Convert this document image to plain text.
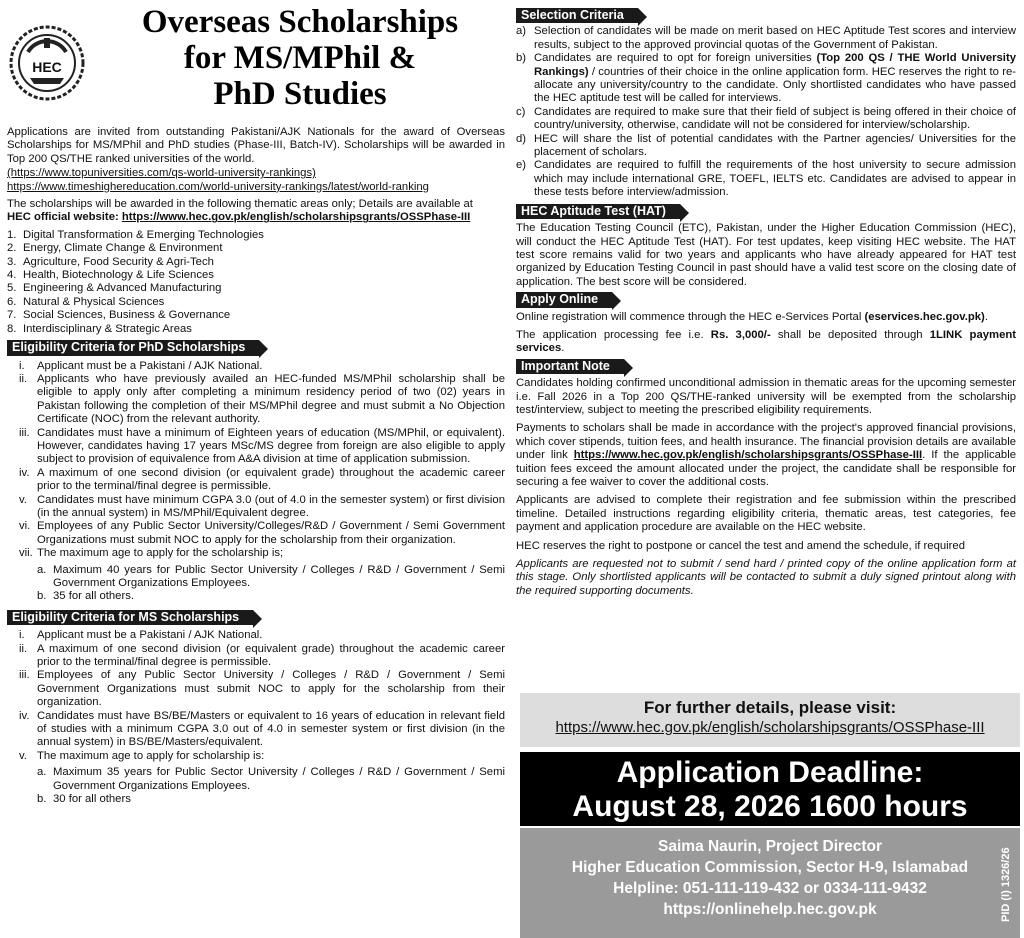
HEC
Overseas Scholarships
for MS/MPhil &
PhD Studies

Applications are invited from outstanding Pakistani/AJK Nationals for the award of Overseas Scholarships for MS/MPhil and PhD studies (Phase-III, Batch-IV). Scholarships will be awarded in Top 200 QS/THE ranked universities of the world.

(https://www.topuniversities.com/qs-world-university-rankings)
https://www.timeshighereducation.com/world-university-rankings/latest/world-ranking

The scholarships will be awarded in the following thematic areas only; Details are available at
HEC official website: https://www.hec.gov.pk/english/scholarshipsgrants/OSSPhase-III

1. Digital Transformation & Emerging Technologies
2. Energy, Climate Change & Environment
3. Agriculture, Food Security & Agri-Tech
4. Health, Biotechnology & Life Sciences
5. Engineering & Advanced Manufacturing
6. Natural & Physical Sciences
7. Social Sciences, Business & Governance
8. Interdisciplinary & Strategic Areas
Eligibility Criteria for PhD Scholarships
i.	Applicant must be a Pakistani / AJK National.
ii. Applicants who have previously availed an HEC-funded MS/MPhil scholarship shall be eligible to apply only after completing a minimum residency period of two (02) years in Pakistan following the completion of their MS/MPhil degree and must submit a No Objection Certificate (NOC) from the relevant authority.
iii. Candidates must have a minimum of Eighteen years of education (MS/MPhil, or equivalent). However, candidates having 17 years MSc/MS degree from foreign are also eligible to apply subject to provision of equivalence from A&A division at time of application submission.
iv. A maximum of one second division (or equivalent grade) throughout the academic career prior to the terminal/final degree is permissible.
v. Candidates must have minimum CGPA 3.0 (out of 4.0 in the semester system) or first division (in the annual system) in MS/MPhil/Equivalent degree.
vi. Employees of any Public Sector University/Colleges/R&D / Government / Semi Government Organizations must submit NOC to apply for the scholarship from their organization.
vii. The maximum age to apply for the scholarship is;
a. Maximum 40 years for Public Sector University / Colleges / R&D / Government / Semi Government Organizations Employees.
b. 35 for all others.
Eligibility Criteria for MS Scholarships
i.	Applicant must be a Pakistani / AJK National.
ii. A maximum of one second division (or equivalent grade) throughout the academic career prior to the terminal/final degree is permissible.
iii. Employees of any Public Sector University / Colleges / R&D / Government / Semi Government Organizations must submit NOC to apply for the scholarship from their organization.
iv. Candidates must have BS/BE/Masters or equivalent to 16 years of education in relevant field of studies with a minimum CGPA 3.0 out of 4.0 in semester system or first division (in the annual system) in BS/BE/Masters/equivalent.
v. The maximum age to apply for scholarship is:
a. Maximum 35 years for Public Sector University / Colleges / R&D / Government / Semi Government Organizations Employees.
b. 30 for all others
Selection Criteria
a) Selection of candidates will be made on merit based on HEC Aptitude Test scores and interview results, subject to the approved provincial quotas of the Government of Pakistan.
b) Candidates are required to opt for foreign universities (Top 200 QS / THE World University Rankings) / countries of their choice in the online application form. HEC reserves the right to re-allocate any university/country to the candidate. Only shortlisted candidates who have passed the HEC aptitude test will be called for interviews.
c) Candidates are required to make sure that their field of subject is being offered in their choice of country/university, otherwise, candidate will not be considered for interview/scholarship.
d) HEC will share the list of potential candidates with the Partner agencies/ Universities for the placement of scholars.
e) Candidates are required to fulfill the requirements of the host university to secure admission which may include international GRE, TOEFL, IELTS etc. Candidates are advised to appear in these tests before interview/admission.
HEC Aptitude Test (HAT)

The Education Testing Council (ETC), Pakistan, under the Higher Education Commission (HEC), will conduct the HEC Aptitude Test (HAT). For test updates, keep visiting HEC website. The HAT test score remains valid for two years and applicants who have already appeared for HAT test organized by Education Testing Council in past should have a valid test score on the closing date of application. The best score will be considered.

Apply Online

Online registration will commence through the HEC e-Services Portal (eservices.hec.gov.pk).

The application processing fee i.e. Rs. 3,000/- shall be deposited through 1LINK payment services.

Important Note

Candidates holding confirmed unconditional admission in thematic areas for the upcoming semester i.e. Fall 2026 in a Top 200 QS/THE-ranked university will be exempted from the scholarship test/interview, subject to meeting the prescribed eligibility requirements.

Payments to scholars shall be made in accordance with the project's approved financial provisions, which cover stipends, tuition fees, and health insurance. The financial provision details are available under link https://www.hec.gov.pk/english/scholarshipsgrants/OSSPhase-III. If the applicable tuition fees exceed the amount allocated under the project, the candidate shall be responsible for securing a fee waiver to cover the additional costs.

Applicants are advised to complete their registration and fee submission within the prescribed timeline. Detailed instructions regarding eligibility criteria, thematic areas, test categories, fee payment and application procedure are available on the HEC website.

HEC reserves the right to postpone or cancel the test and amend the schedule, if required

Applicants are requested not to submit / send hard / printed copy of the online application form at this stage. Only shortlisted applicants will be contacted to submit a duly signed printout along with the required supporting documents.

For further details, please visit:
https://www.hec.gov.pk/english/scholarshipsgrants/OSSPhase-III
Application Deadline:
August 28, 2026 1600 hours
Saima Naurin, Project Director
Higher Education Commission, Sector H-9, Islamabad
Helpline: 051-111-119-432 or 0334-111-9432
https://onlinehelp.hec.gov.pk	PID (I) 1326/26
